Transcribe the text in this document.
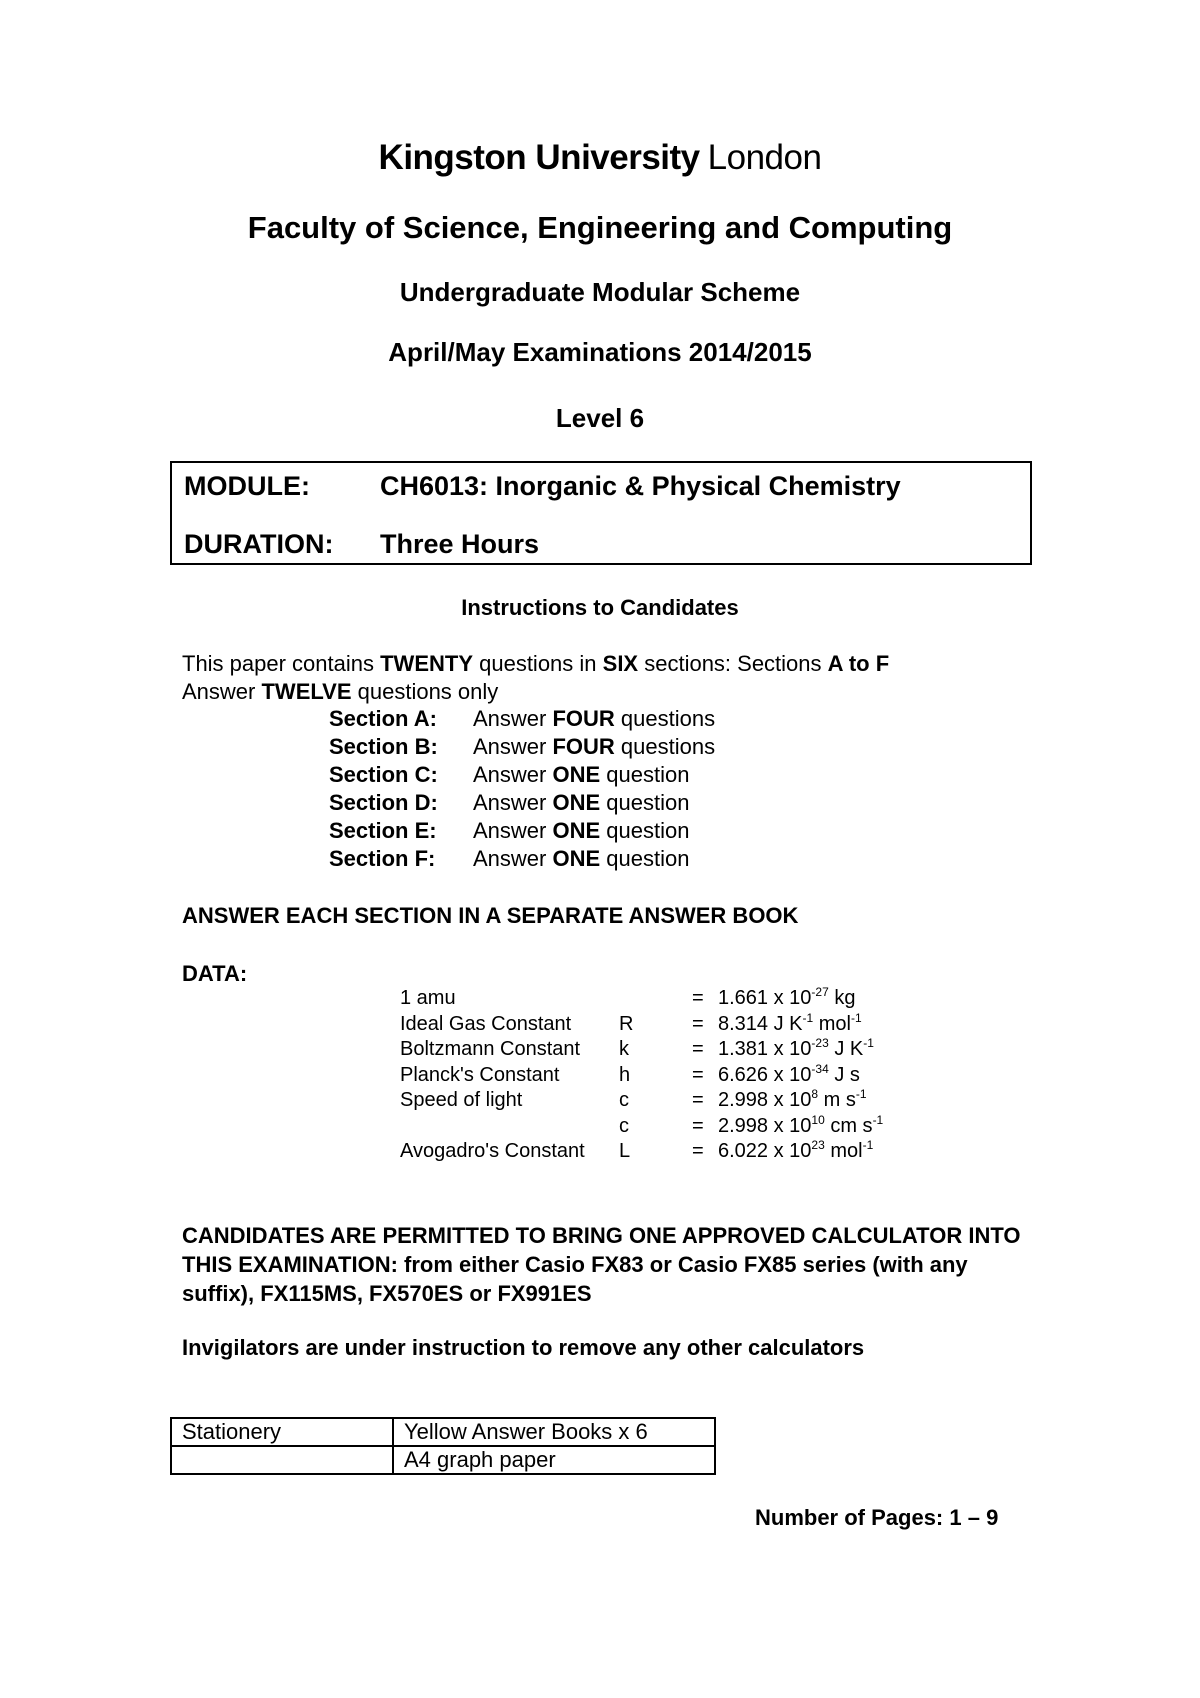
Kingston University London
Faculty of Science, Engineering and Computing
Undergraduate Modular Scheme
April/May Examinations 2014/2015
Level 6
MODULE:	CH6013: Inorganic & Physical Chemistry
DURATION: Three Hours
Instructions to Candidates
This paper contains TWENTY questions in SIX sections: Sections A to F
Answer TWELVE questions only
Section A: Answer FOUR questions
Section B: Answer FOUR questions
Section C: Answer ONE question
Section D: Answer ONE question
Section E: Answer ONE question
Section F: Answer ONE question
ANSWER EACH SECTION IN A SEPARATE ANSWER BOOK
DATA:
1 amu	= 1.661 x $10^{-27}$ kg
Ideal Gas Constant R	= 8.314 J $K^{-1}$ mol$^{-1}$
Boltzmann Constant k	= 1.381 x $10^{-23}$ J $K^{-1}$
Planck's Constant	h	= 6.626 x $10^{-34}$ J s
Speed of light	c	= 2.998 x $10^8$ m $s^{-1}$
c	= 2.998 x $10^{10}$ cm $s^{-1}$
Avogadro's Constant L	= 6.022 x $10^{23}$ mol$^{-1}$
CANDIDATES ARE PERMITTED TO BRING ONE APPROVED CALCULATOR INTO THIS EXAMINATION: from either Casio FX83 or Casio FX85 series (with any suffix), FX115MS, FX570ES or FX991ES
Invigilators are under instruction to remove any other calculators
Stationery	Yellow Answer Books x 6
	A4 graph paper
Number of Pages: 1 – 9
